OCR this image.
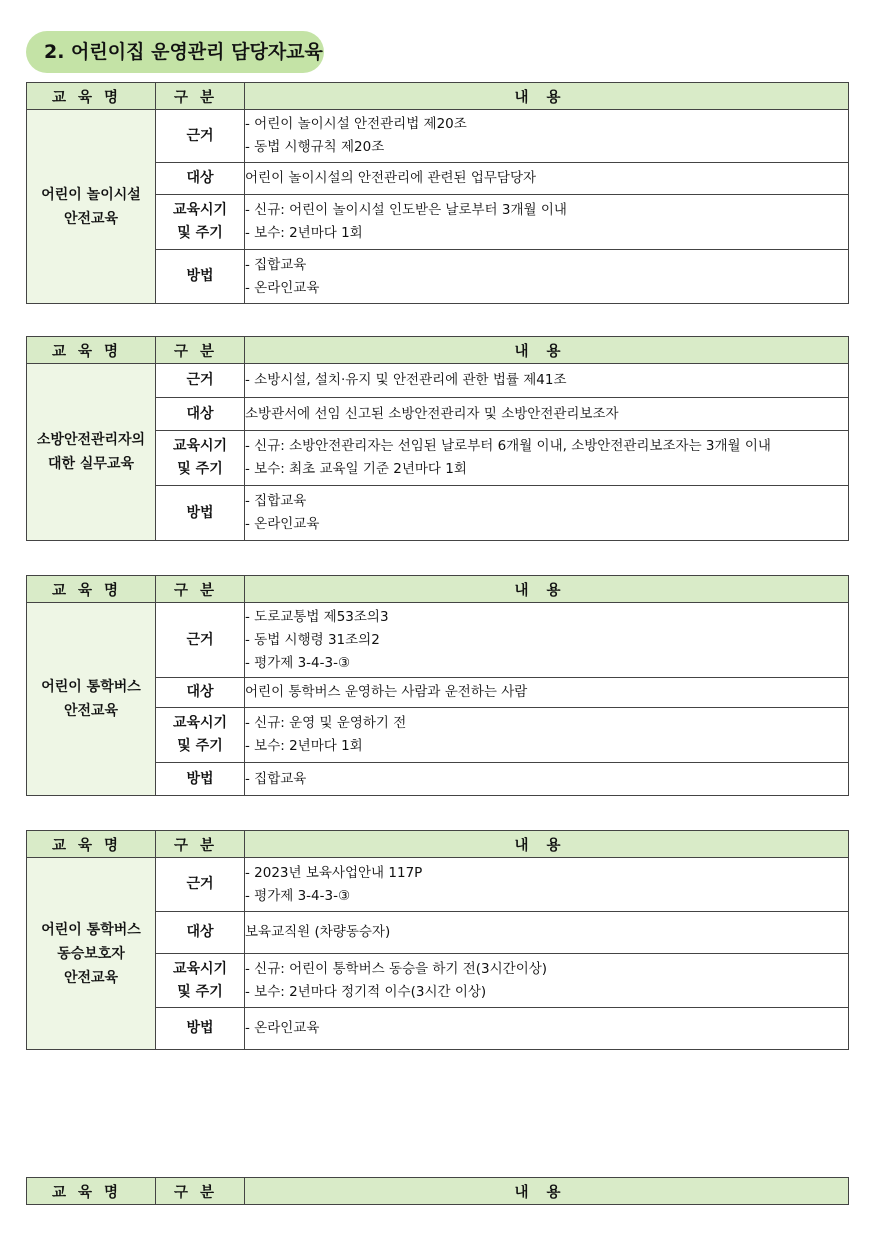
2. 어린이집 운영관리 담당자교육
교육명	구분	내용

어린이 놀이시설
안전교육	근거	- 어린이 놀이시설 안전관리법 제20조
- 동법 시행규칙 제20조

	대상	어린이 놀이시설의 안전관리에 관련된 업무담당자

	교육시기
및 주기	- 신규: 어린이 놀이시설 인도받은 날로부터 3개월 이내
- 보수: 2년마다 1회

	방법	- 집합교육
- 온라인교육
교육명	구분	내용

소방안전관리자의
대한 실무교육	근거	- 소방시설, 설치·유지 및 안전관리에 관한 법률 제41조

	대상	소방관서에 선임 신고된 소방안전관리자 및 소방안전관리보조자

	교육시기
및 주기	- 신규: 소방안전관리자는 선임된 날로부터 6개월 이내, 소방안전관리보조자는 3개월 이내
- 보수: 최초 교육일 기준 2년마다 1회

	방법	- 집합교육
- 온라인교육
교육명	구분	내용

어린이 통학버스
안전교육	근거	- 도로교통법 제53조의3
- 동법 시행령 31조의2
- 평가제 3-4-3-③

	대상	어린이 통학버스 운영하는 사람과 운전하는 사람

	교육시기
및 주기	- 신규: 운영 및 운영하기 전
- 보수: 2년마다 1회

	방법	- 집합교육
교육명	구분	내용

어린이 통학버스
동승보호자
안전교육	근거	- 2023년 보육사업안내 117P
- 평가제 3-4-3-③

	대상	보육교직원 (차량동승자)

	교육시기
및 주기	- 신규: 어린이 통학버스 동승을 하기 전(3시간이상)
- 보수: 2년마다 정기적 이수(3시간 이상)

	방법	- 온라인교육
교육명	구분	내용
